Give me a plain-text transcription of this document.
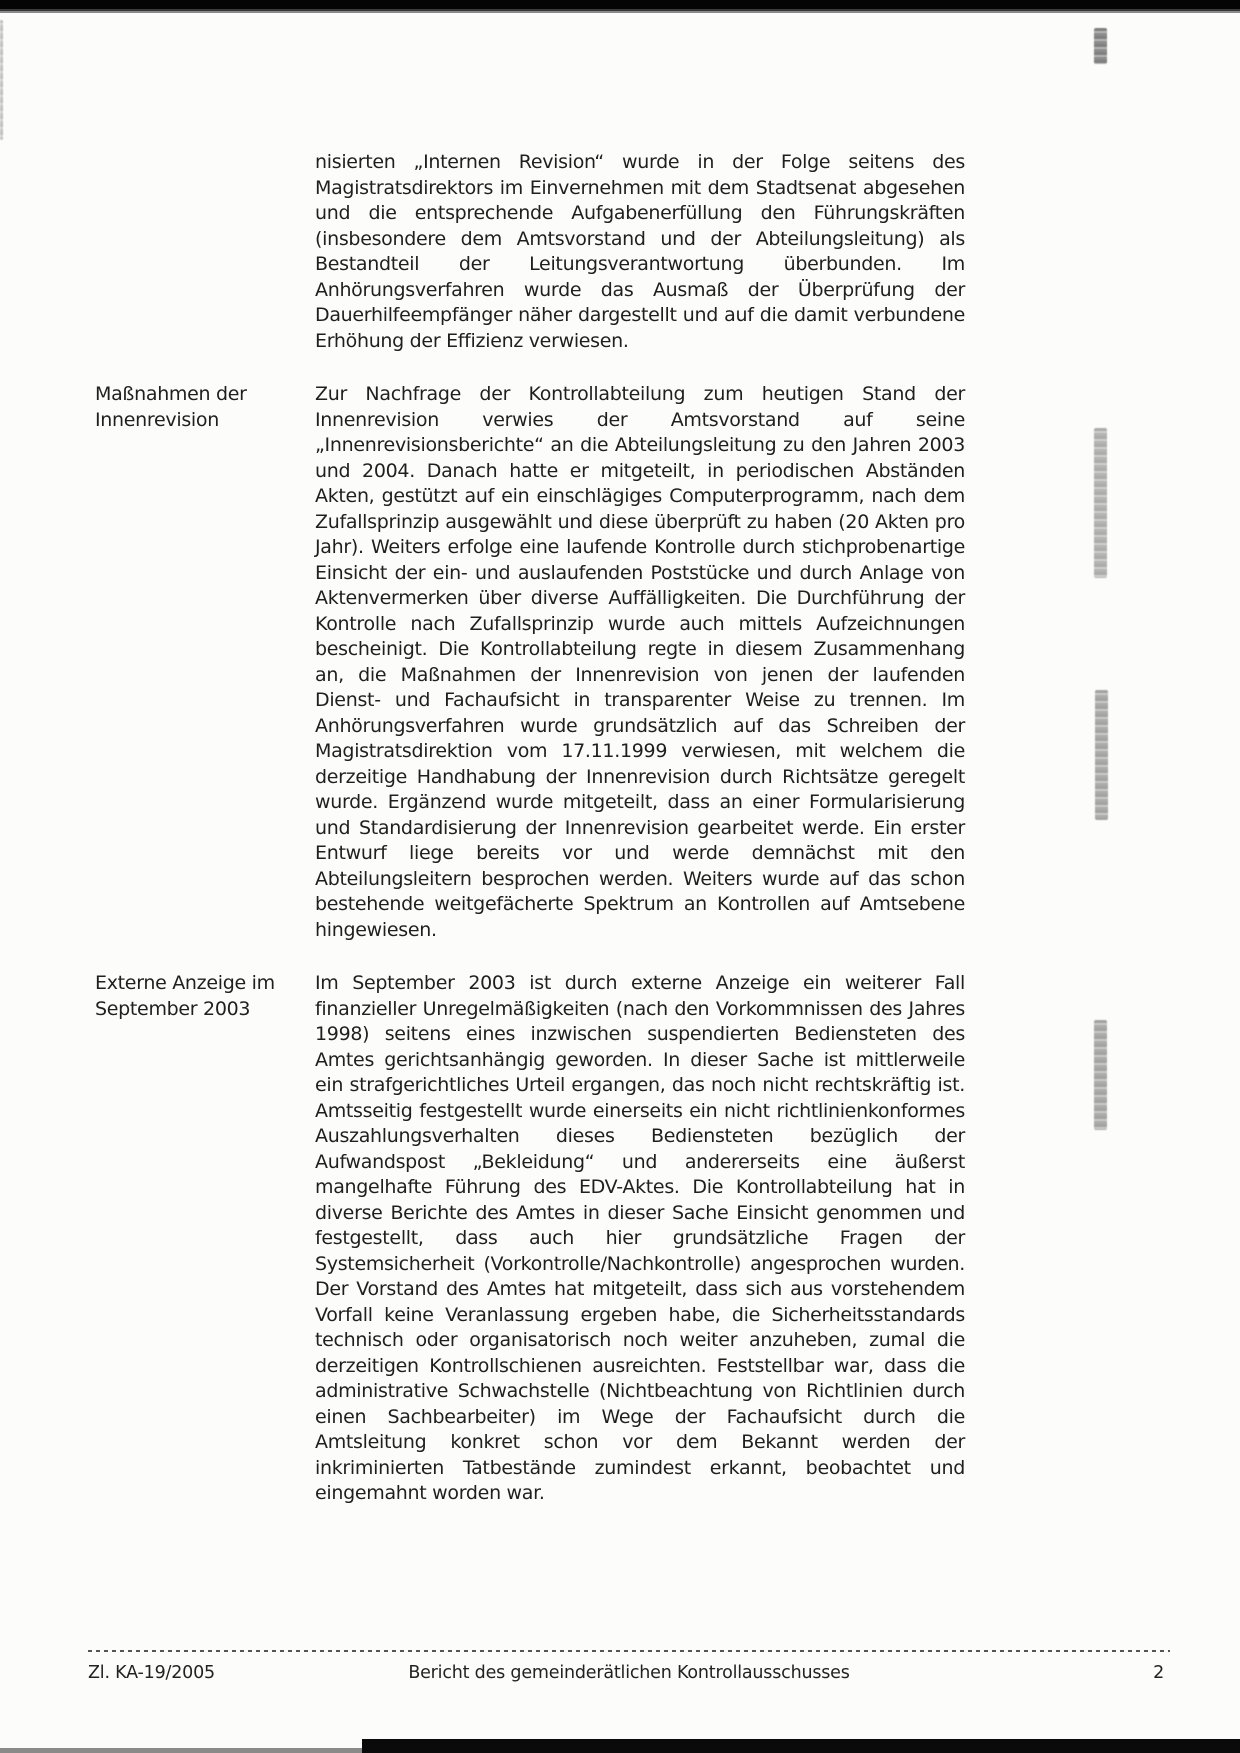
nisierten „Internen Revision“ wurde in der Folge seitens des Magistratsdirektors im Einvernehmen mit dem Stadtsenat abgesehen und die entsprechende Aufgabenerfüllung den Führungskräften (insbesondere dem Amtsvorstand und der Abteilungsleitung) als Bestandteil der Leitungsverantwortung überbunden. Im Anhörungsverfahren wurde das Ausmaß der Überprüfung der Dauerhilfeempfänger näher dargestellt und auf die damit verbundene Erhöhung der Effizienz verwiesen.
Maßnahmen der Innenrevision
Zur Nachfrage der Kontrollabteilung zum heutigen Stand der Innenrevision verwies der Amtsvorstand auf seine „Innenrevisionsberichte“ an die Abteilungsleitung zu den Jahren 2003 und 2004. Danach hatte er mitgeteilt, in periodischen Abständen Akten, gestützt auf ein einschlägiges Computerprogramm, nach dem Zufallsprinzip ausgewählt und diese überprüft zu haben (20 Akten pro Jahr). Weiters erfolge eine laufende Kontrolle durch stichprobenartige Einsicht der ein- und auslaufenden Poststücke und durch Anlage von Aktenvermerken über diverse Auffälligkeiten. Die Durchführung der Kontrolle nach Zufallsprinzip wurde auch mittels Aufzeichnungen bescheinigt. Die Kontrollabteilung regte in diesem Zusammenhang an, die Maßnahmen der Innenrevision von jenen der laufenden Dienst- und Fachaufsicht in transparenter Weise zu trennen. Im Anhörungsverfahren wurde grundsätzlich auf das Schreiben der Magistratsdirektion vom 17.11.1999 verwiesen, mit welchem die derzeitige Handhabung der Innenrevision durch Richtsätze geregelt wurde. Ergänzend wurde mitgeteilt, dass an einer Formularisierung und Standardisierung der Innenrevision gearbeitet werde. Ein erster Entwurf liege bereits vor und werde demnächst mit den Abteilungsleitern besprochen werden. Weiters wurde auf das schon bestehende weitgefächerte Spektrum an Kontrollen auf Amtsebene hingewiesen.
Externe Anzeige im September 2003
Im September 2003 ist durch externe Anzeige ein weiterer Fall finanzieller Unregelmäßigkeiten (nach den Vorkommnissen des Jahres 1998) seitens eines inzwischen suspendierten Bediensteten des Amtes gerichtsanhängig geworden. In dieser Sache ist mittlerweile ein strafgerichtliches Urteil ergangen, das noch nicht rechtskräftig ist. Amtsseitig festgestellt wurde einerseits ein nicht richtlinienkonformes Auszahlungsverhalten dieses Bediensteten bezüglich der Aufwandspost „Bekleidung“ und andererseits eine äußerst mangelhafte Führung des EDV-Aktes. Die Kontrollabteilung hat in diverse Berichte des Amtes in dieser Sache Einsicht genommen und festgestellt, dass auch hier grundsätzliche Fragen der Systemsicherheit (Vorkontrolle/Nachkontrolle) angesprochen wurden. Der Vorstand des Amtes hat mitgeteilt, dass sich aus vorstehendem Vorfall keine Veranlassung ergeben habe, die Sicherheitsstandards technisch oder organisatorisch noch weiter anzuheben, zumal die derzeitigen Kontrollschienen ausreichten. Feststellbar war, dass die administrative Schwachstelle (Nichtbeachtung von Richtlinien durch einen Sachbearbeiter) im Wege der Fachaufsicht durch die Amtsleitung konkret schon vor dem Bekannt werden der inkriminierten Tatbestände zumindest erkannt, beobachtet und eingemahnt worden war.
Zl. KA-19/2005	Bericht des gemeinderätlichen Kontrollausschusses	2
